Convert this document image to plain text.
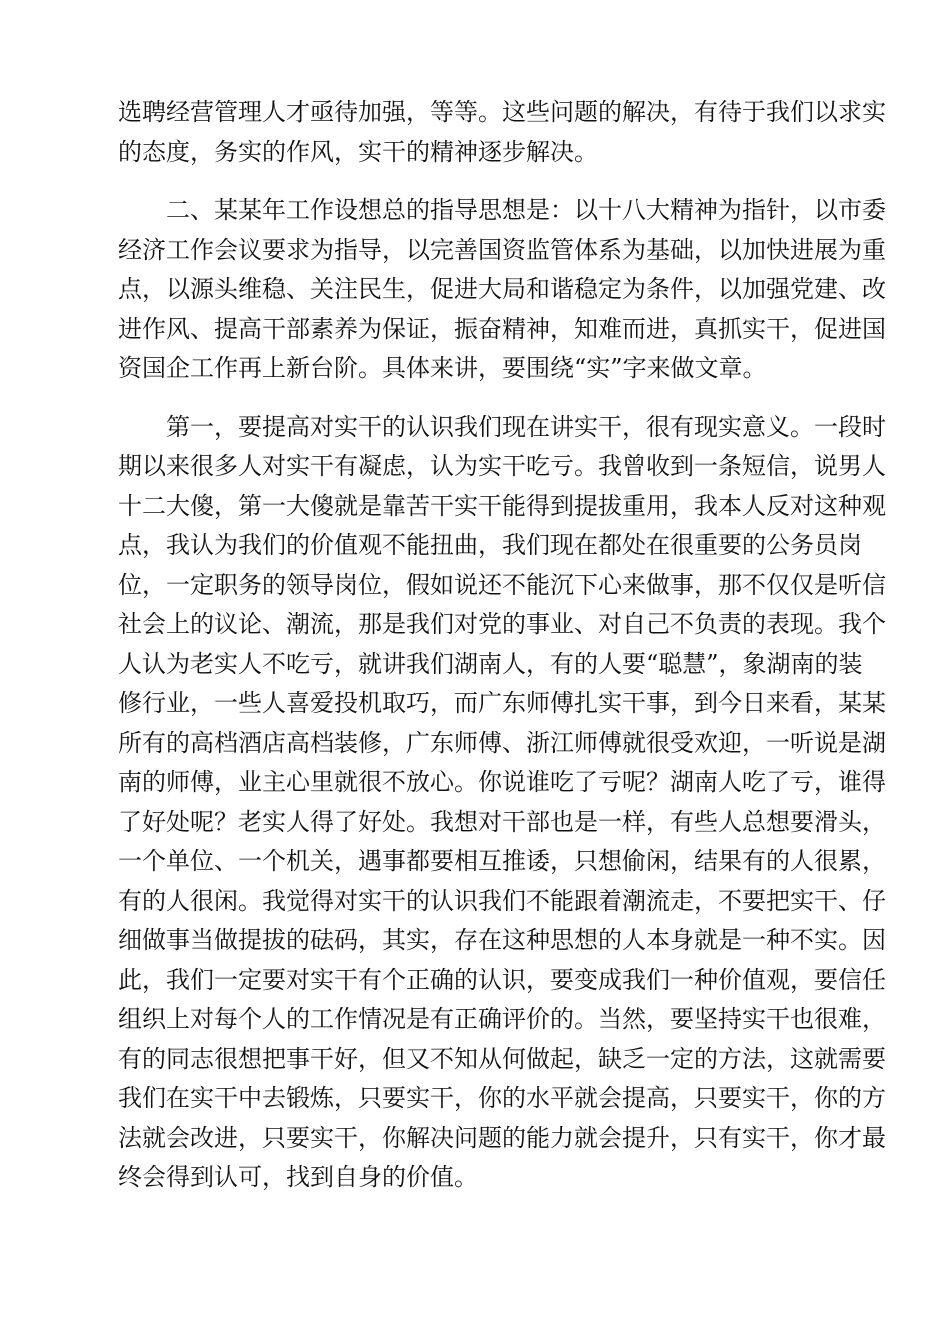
选聘经营管理人才亟待加强，等等。这些问题的解决，有待于我们以求实
的态度，务实的作风，实干的精神逐步解决。
二、某某年工作设想总的指导思想是：以十八大精神为指针，以市委
经济工作会议要求为指导，以完善国资监管体系为基础，以加快进展为重
点，以源头维稳、关注民生，促进大局和谐稳定为条件，以加强党建、改
进作风、提高干部素养为保证，振奋精神，知难而进，真抓实干，促进国
资国企工作再上新台阶。具体来讲，要围绕“实”字来做文章。
第一，要提高对实干的认识我们现在讲实干，很有现实意义。一段时
期以来很多人对实干有凝虑，认为实干吃亏。我曾收到一条短信，说男人
十二大傻，第一大傻就是靠苦干实干能得到提拔重用，我本人反对这种观
点，我认为我们的价值观不能扭曲，我们现在都处在很重要的公务员岗
位，一定职务的领导岗位，假如说还不能沉下心来做事，那不仅仅是听信
社会上的议论、潮流，那是我们对党的事业、对自己不负责的表现。我个
人认为老实人不吃亏，就讲我们湖南人，有的人要“聪慧”，象湖南的装
修行业，一些人喜爱投机取巧，而广东师傅扎实干事，到今日来看，某某
所有的高档酒店高档装修，广东师傅、浙江师傅就很受欢迎，一听说是湖
南的师傅，业主心里就很不放心。你说谁吃了亏呢？湖南人吃了亏，谁得
了好处呢？老实人得了好处。我想对干部也是一样，有些人总想要滑头，
一个单位、一个机关，遇事都要相互推诿，只想偷闲，结果有的人很累，
有的人很闲。我觉得对实干的认识我们不能跟着潮流走，不要把实干、仔
细做事当做提拔的砝码，其实，存在这种思想的人本身就是一种不实。因
此，我们一定要对实干有个正确的认识，要变成我们一种价值观，要信任
组织上对每个人的工作情况是有正确评价的。当然，要坚持实干也很难，
有的同志很想把事干好，但又不知从何做起，缺乏一定的方法，这就需要
我们在实干中去锻炼，只要实干，你的水平就会提高，只要实干，你的方
法就会改进，只要实干，你解决问题的能力就会提升，只有实干，你才最
终会得到认可，找到自身的价值。
